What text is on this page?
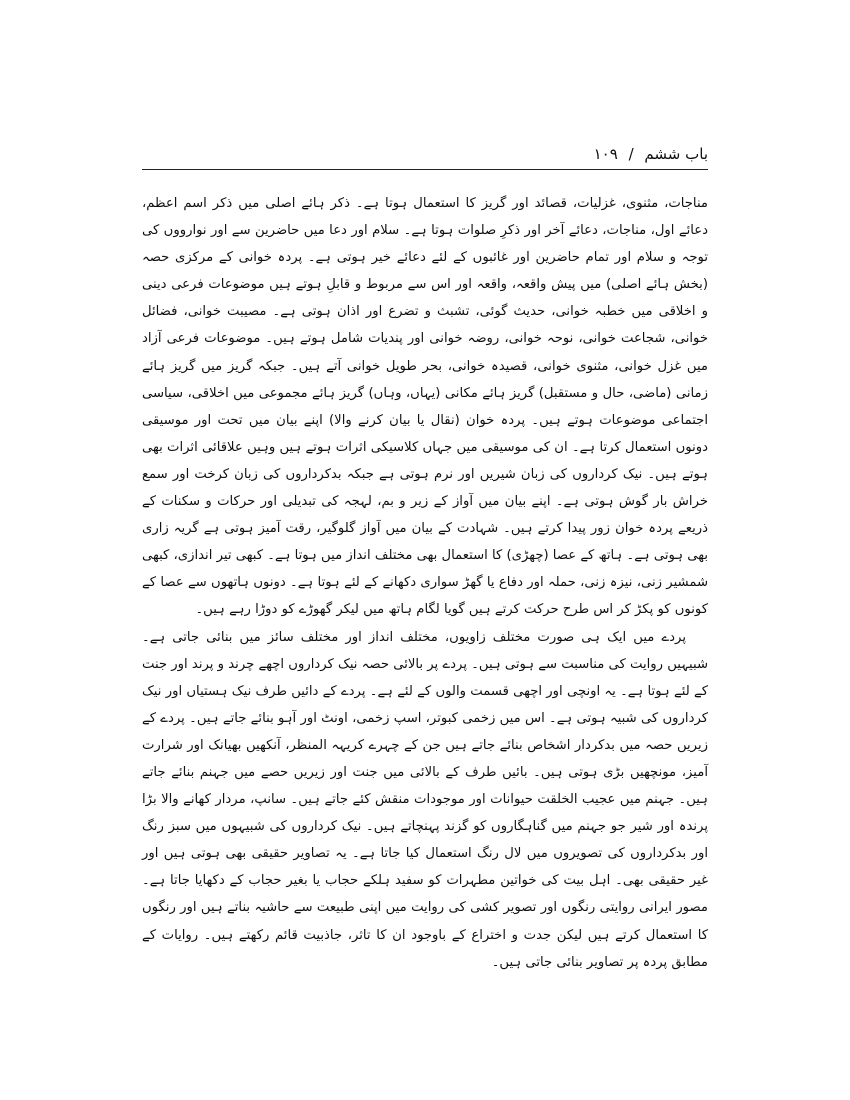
باب ششم / ۱۰۹

مناجات، مثنوی، غزلیات، قصائد اور گریز کا استعمال ہوتا ہے۔ ذکر ہائے اصلی میں ذکر اسم اعظم، دعائے اول، مناجات، دعائے آخر اور ذکرِ صلوات ہوتا ہے۔ سلام اور دعا میں حاضرین سے اور نوارووں کی توجہ و سلام اور تمام حاضرین اور غائبوں کے لئے دعائے خیر ہوتی ہے۔ پردہ خوانی کے مرکزی حصہ (بخش ہائے اصلی) میں پیش واقعہ، واقعہ اور اس سے مربوط و قابلِ ہوتے ہیں موضوعات فرعی دینی و اخلاقی میں خطبہ خوانی، حدیث گوئی، تشبث و تضرع اور اذان ہوتی ہے۔ مصیبت خوانی، فضائل خوانی، شجاعت خوانی، نوحہ خوانی، روضہ خوانی اور پندیات شامل ہوتے ہیں۔ موضوعات فرعی آزاد میں غزل خوانی، مثنوی خوانی، قصیدہ خوانی، بحر طویل خوانی آتے ہیں۔ جبکہ گریز میں گریز ہائے زمانی (ماضی، حال و مستقبل) گریز ہائے مکانی (یہاں، وہاں) گریز ہائے مجموعی میں اخلاقی، سیاسی اجتماعی موضوعات ہوتے ہیں۔ پردہ خوان (نقال یا بیان کرنے والا) اپنے بیان میں تحت اور موسیقی دونوں استعمال کرتا ہے۔ ان کی موسیقی میں جہاں کلاسیکی اثرات ہوتے ہیں وہیں علاقائی اثرات بھی ہوتے ہیں۔ نیک کرداروں کی زبان شیریں اور نرم ہوتی ہے جبکہ بدکرداروں کی زبان کرخت اور سمع خراش بار گوش ہوتی ہے۔ اپنے بیان میں آواز کے زیر و بم، لہجہ کی تبدیلی اور حرکات و سکنات کے ذریعے پردہ خوان زور پیدا کرتے ہیں۔ شہادت کے بیان میں آواز گلوگیر، رقت آمیز ہوتی ہے گریہ زاری بھی ہوتی ہے۔ ہاتھ کے عصا (چھڑی) کا استعمال بھی مختلف انداز میں ہوتا ہے۔ کبھی تیر اندازی، کبھی شمشیر زنی، نیزہ زنی، حملہ اور دفاع یا گھڑ سواری دکھانے کے لئے ہوتا ہے۔ دونوں ہاتھوں سے عصا کے کونوں کو پکڑ کر اس طرح حرکت کرتے ہیں گویا لگام ہاتھ میں لیکر گھوڑے کو دوڑا رہے ہیں۔

پردے میں ایک ہی صورت مختلف زاویوں، مختلف انداز اور مختلف سائز میں بنائی جاتی ہے۔ شبیہیں روایت کی مناسبت سے ہوتی ہیں۔ پردے پر بالائی حصہ نیک کرداروں اچھے چرند و پرند اور جنت کے لئے ہوتا ہے۔ یہ اونچی اور اچھی قسمت والوں کے لئے ہے۔ پردے کے دائیں طرف نیک ہستیاں اور نیک کرداروں کی شبیہ ہوتی ہے۔ اس میں زخمی کبوتر، اسپ زخمی، اونٹ اور آہو بنائے جاتے ہیں۔ پردے کے زیریں حصہ میں بدکردار اشخاص بنائے جاتے ہیں جن کے چہرے کریہہ المنظر، آنکھیں بھیانک اور شرارت آمیز، مونچھیں بڑی ہوتی ہیں۔ بائیں طرف کے بالائی میں جنت اور زیریں حصے میں جہنم بنائے جاتے ہیں۔ جہنم میں عجیب الخلقت حیوانات اور موجودات منقش کئے جاتے ہیں۔ سانپ، مردار کھانے والا بڑا پرندہ اور شیر جو جہنم میں گناہگاروں کو گزند پہنچاتے ہیں۔ نیک کرداروں کی شبیہوں میں سبز رنگ اور بدکرداروں کی تصویروں میں لال رنگ استعمال کیا جاتا ہے۔ یہ تصاویر حقیقی بھی ہوتی ہیں اور غیر حقیقی بھی۔ اہل بیت کی خواتین مطہرات کو سفید ہلکے حجاب یا بغیر حجاب کے دکھایا جاتا ہے۔ مصور ایرانی روایتی رنگوں اور تصویر کشی کی روایت میں اپنی طبیعت سے حاشیہ بناتے ہیں اور رنگوں کا استعمال کرتے ہیں لیکن جدت و اختراع کے باوجود ان کا تاثر، جاذبیت قائم رکھتے ہیں۔ روایات کے مطابق پردہ پر تصاویر بنائی جاتی ہیں۔
